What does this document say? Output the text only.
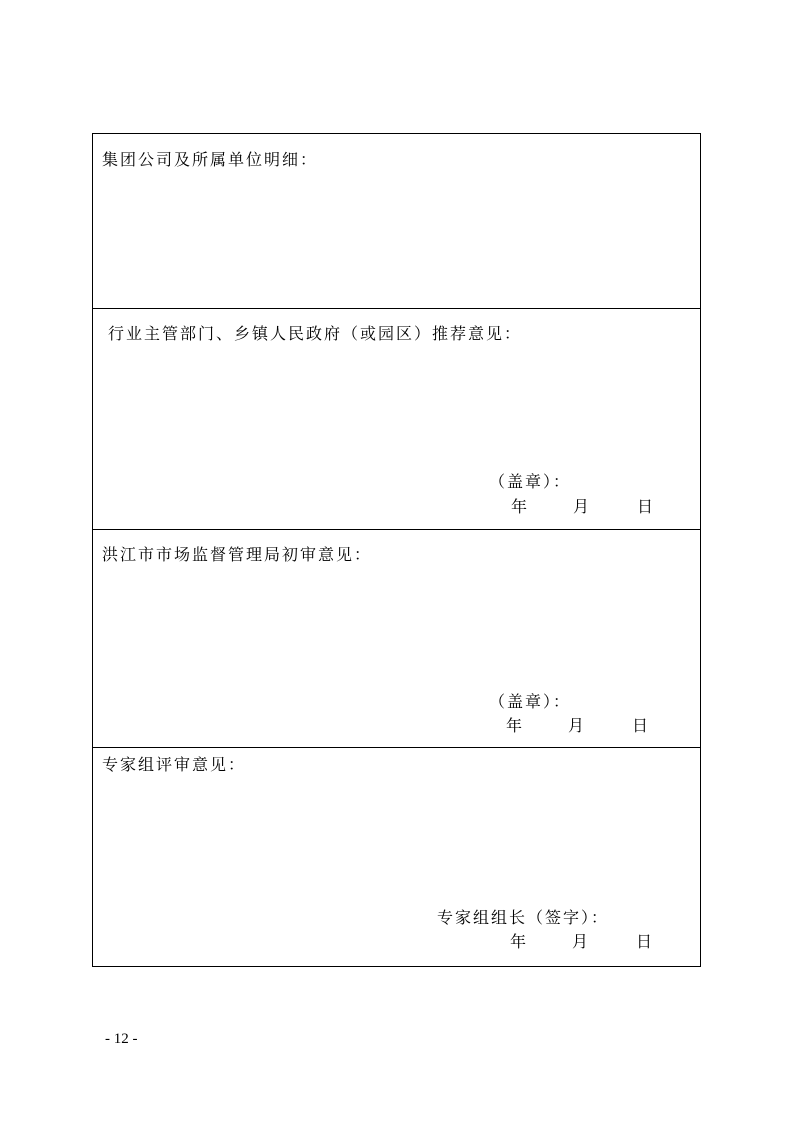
集团公司及所属单位明细：
行业主管部门、乡镇人民政府（或园区）推荐意见：
（盖章）：
年	月	日
洪江市市场监督管理局初审意见：
（盖章）：
年	月	日
专家组评审意见：
专家组组长（签字）：
年	月	日
- 12 -
